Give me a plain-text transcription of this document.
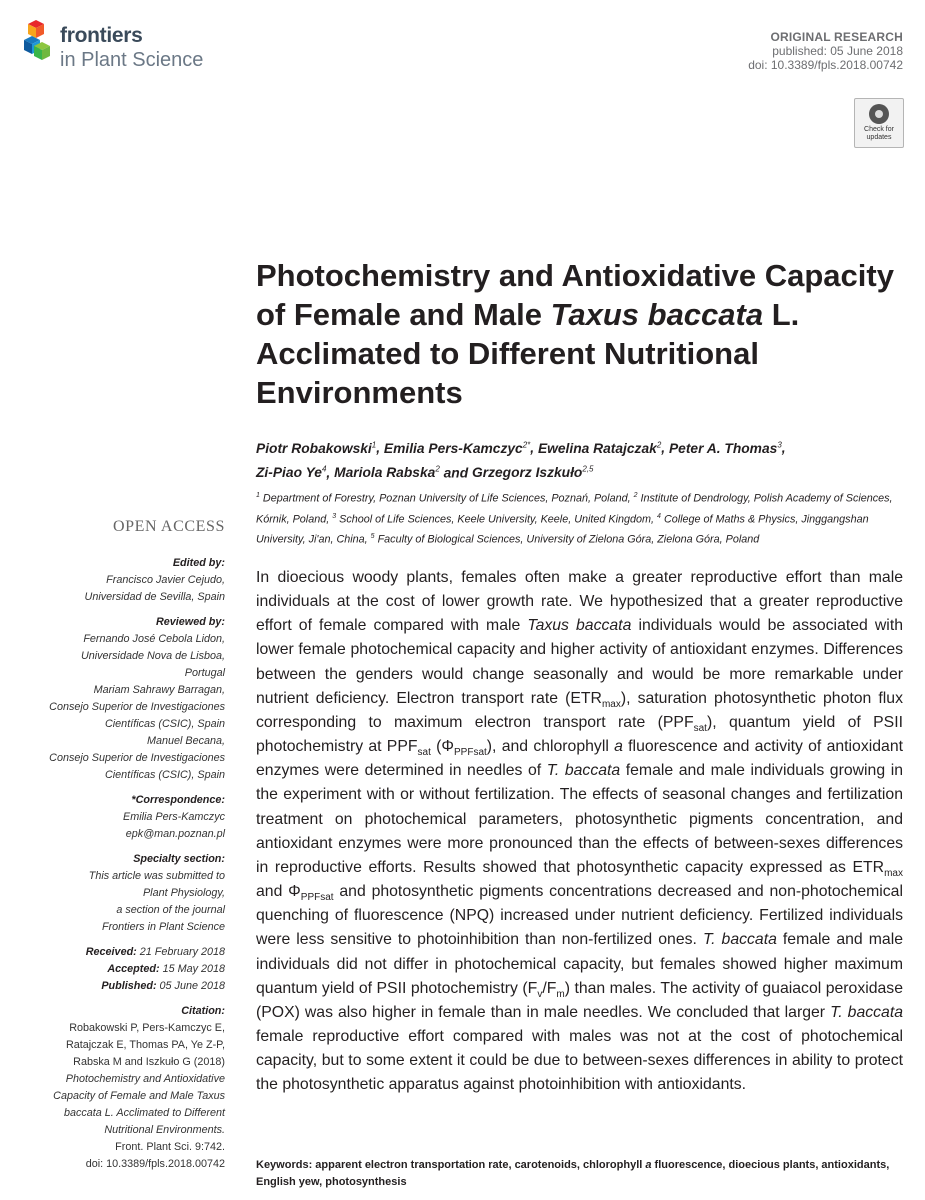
frontiers
in Plant Science
ORIGINAL RESEARCH
published: 05 June 2018
doi: 10.3389/fpls.2018.00742
Check for
updates
Photochemistry and Antioxidative Capacity of Female and Male Taxus baccata L. Acclimated to Different Nutritional Environments
Piotr Robakowski$^1$, Emilia Pers-Kamczyc$^{2*}$, Ewelina Ratajczak$^2$, Peter A. Thomas$^3$,
Zi-Piao Ye$^4$, Mariola Rabska$^2$ and Grzegorz Iszkuło$^{2,5}$
$^1$ Department of Forestry, Poznan University of Life Sciences, Poznań, Poland, $^2$ Institute of Dendrology, Polish Academy of Sciences, Kórnik, Poland, $^3$ School of Life Sciences, Keele University, Keele, United Kingdom, $^4$ College of Maths & Physics, Jinggangshan University, Ji'an, China, $^5$ Faculty of Biological Sciences, University of Zielona Góra, Zielona Góra, Poland
OPEN ACCESS
Edited by:
Francisco Javier Cejudo,
Universidad de Sevilla, Spain
Reviewed by:
Fernando José Cebola Lidon,
Universidade Nova de Lisboa,
Portugal
Mariam Sahrawy Barragan,
Consejo Superior de Investigaciones
Científicas (CSIC), Spain
Manuel Becana,
Consejo Superior de Investigaciones
Científicas (CSIC), Spain
*Correspondence:
Emilia Pers-Kamczyc
epk@man.poznan.pl
Specialty section:
This article was submitted to
Plant Physiology,
a section of the journal
Frontiers in Plant Science
Received: 21 February 2018
Accepted: 15 May 2018
Published: 05 June 2018
Citation:
Robakowski P, Pers-Kamczyc E,
Ratajczak E, Thomas PA, Ye Z-P,
Rabska M and Iszkuło G (2018)
Photochemistry and Antioxidative
Capacity of Female and Male Taxus
baccata L. Acclimated to Different
Nutritional Environments.
Front. Plant Sci. 9:742.
doi: 10.3389/fpls.2018.00742
In dioecious woody plants, females often make a greater reproductive effort than male individuals at the cost of lower growth rate. We hypothesized that a greater reproductive effort of female compared with male Taxus baccata individuals would be associated with lower female photochemical capacity and higher activity of antioxidant enzymes. Differences between the genders would change seasonally and would be more remarkable under nutrient deficiency. Electron transport rate $(ETR_{max})$, saturation photosynthetic photon flux corresponding to maximum electron transport rate $(PPF_{sat})$, quantum yield of PSII photochemistry at $PPF_{sat}$ $(\Phi_{PPFsat})$, and chlorophyll a fluorescence and activity of antioxidant enzymes were determined in needles of T. baccata female and male individuals growing in the experiment with or without fertilization. The effects of seasonal changes and fertilization treatment on photochemical parameters, photosynthetic pigments concentration, and antioxidant enzymes were more pronounced than the effects of between-sexes differences in reproductive efforts. Results showed that photosynthetic capacity expressed as $ETR_{max}$ and $\Phi_{PPFsat}$ and photosynthetic pigments concentrations decreased and non-photochemical quenching of fluorescence (NPQ) increased under nutrient deficiency. Fertilized individuals were less sensitive to photoinhibition than non-fertilized ones. T. baccata female and male individuals did not differ in photochemical capacity, but females showed higher maximum quantum yield of PSII photochemistry $(F_v/F_m)$ than males. The activity of guaiacol peroxidase (POX) was also higher in female than in male needles. We concluded that larger T. baccata female reproductive effort compared with males was not at the cost of photochemical capacity, but to some extent it could be due to between-sexes differences in ability to protect the photosynthetic apparatus against photoinhibition with antioxidants.
Keywords: apparent electron transportation rate, carotenoids, chlorophyll a fluorescence, dioecious plants, antioxidants, English yew, photosynthesis
